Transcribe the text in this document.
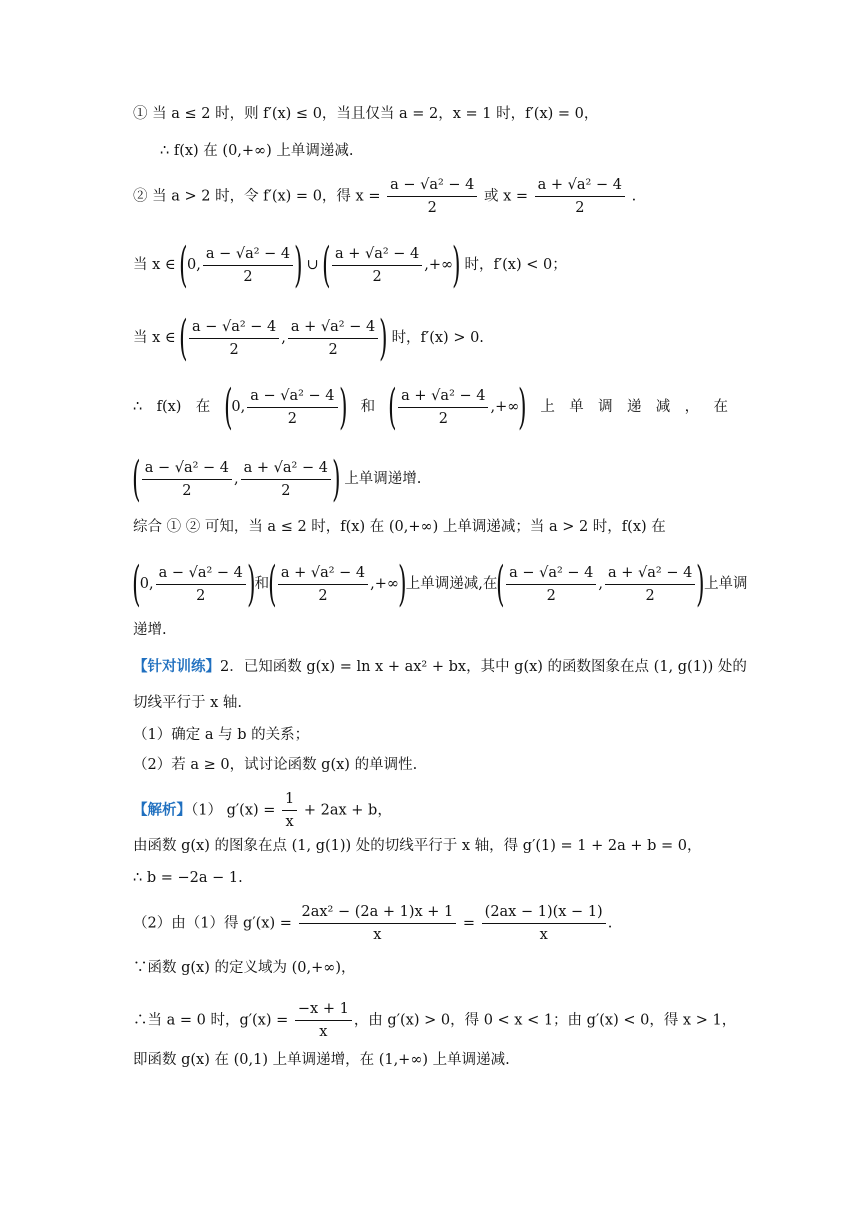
① 当 a ≤ 2 时，则 f′(x) ≤ 0，当且仅当 a = 2，x = 1 时，f′(x) = 0，
∴ f(x) 在 (0,+∞) 上单调递减.
② 当 a > 2 时，令 f′(x) = 0，得 $x = \frac{\text{a − √a² − 4}}{2}$ 或 $x = \frac{\text{a + √a² − 4}}{2}$ .
当 x ∈ (0, $\frac{\text{a − √a² − 4}}{2}$ ) ∪ ( $\frac{\text{a + √a² − 4}}{2}$ ,+∞) 时，f′(x) < 0；
当 x ∈ ( $\frac{\text{a − √a² − 4}}{2}$ , $\frac{\text{a + √a² − 4}}{2}$ ) 时，f′(x) > 0.
∴ f(x) 在 (0, $\frac{\text{a − √a² − 4}}{2}$ ) 和 ( $\frac{\text{a + √a² − 4}}{2}$ ,+∞) 上 单 调 递 减 ， 在
( $\frac{\text{a − √a² − 4}}{2}$ , $\frac{\text{a + √a² − 4}}{2}$ ) 上单调递增.
综合 ① ② 可知，当 a ≤ 2 时，f(x) 在 (0,+∞) 上单调递减；当 a > 2 时，f(x) 在
(0, $\frac{\text{a − √a² − 4}}{2}$ )和( $\frac{\text{a + √a² − 4}}{2}$ ,+∞)上单调递减,在( $\frac{\text{a − √a² − 4}}{2}$ , $\frac{\text{a + √a² − 4}}{2}$ )上单调
递增.
【针对训练】2．已知函数 g(x) = ln x + ax² + bx，其中 g(x) 的函数图象在点 (1, g(1)) 处的
切线平行于 x 轴.
（1）确定 a 与 b 的关系；
（2）若 a ≥ 0，试讨论函数 g(x) 的单调性.
【解析】（1） $g'(x) = \frac{1}{x} + 2ax + b$，
由函数 g(x) 的图象在点 (1, g(1)) 处的切线平行于 x 轴，得 g′(1) = 1 + 2a + b = 0，
∴ b = −2a − 1.
（2）由（1）得 $g'(x) = \frac{\text{2ax² − (2a + 1)x + 1}}{x} = \frac{(2ax - 1)(x - 1)}{x}$ .
∵函数 g(x) 的定义域为 (0,+∞)，
∴当 a = 0 时，$g'(x) = \frac{-x + 1}{x}$ ，由 g′(x) > 0，得 0 < x < 1；由 g′(x) < 0，得 x > 1，
即函数 g(x) 在 (0,1) 上单调递增，在 (1,+∞) 上单调递减.
